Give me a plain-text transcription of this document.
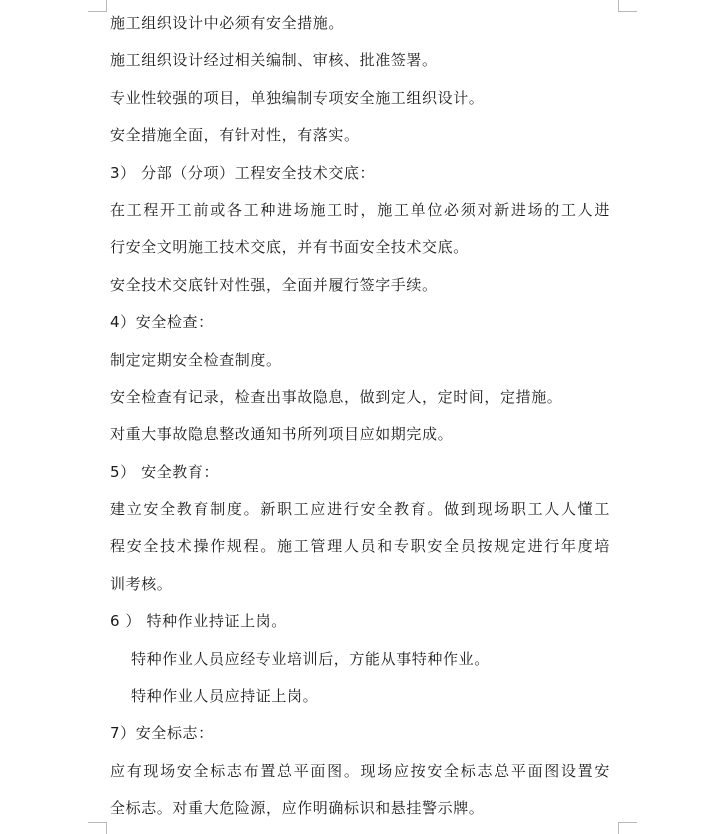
施工组织设计中必须有安全措施。
施工组织设计经过相关编制、审核、批准签署。
专业性较强的项目，单独编制专项安全施工组织设计。
安全措施全面，有针对性，有落实。
3） 分部（分项）工程安全技术交底：
在工程开工前或各工种进场施工时，施工单位必须对新进场的工人进
行安全文明施工技术交底，并有书面安全技术交底。
安全技术交底针对性强，全面并履行签字手续。
4）安全检查：
制定定期安全检查制度。
安全检查有记录，检查出事故隐息，做到定人，定时间，定措施。
对重大事故隐息整改通知书所列项目应如期完成。
5） 安全教育：
建立安全教育制度。新职工应进行安全教育。做到现场职工人人懂工
程安全技术操作规程。施工管理人员和专职安全员按规定进行年度培
训考核。
6 ） 特种作业持证上岗。
特种作业人员应经专业培训后，方能从事特种作业。
特种作业人员应持证上岗。
7）安全标志：
应有现场安全标志布置总平面图。现场应按安全标志总平面图设置安
全标志。对重大危险源，应作明确标识和悬挂警示牌。
